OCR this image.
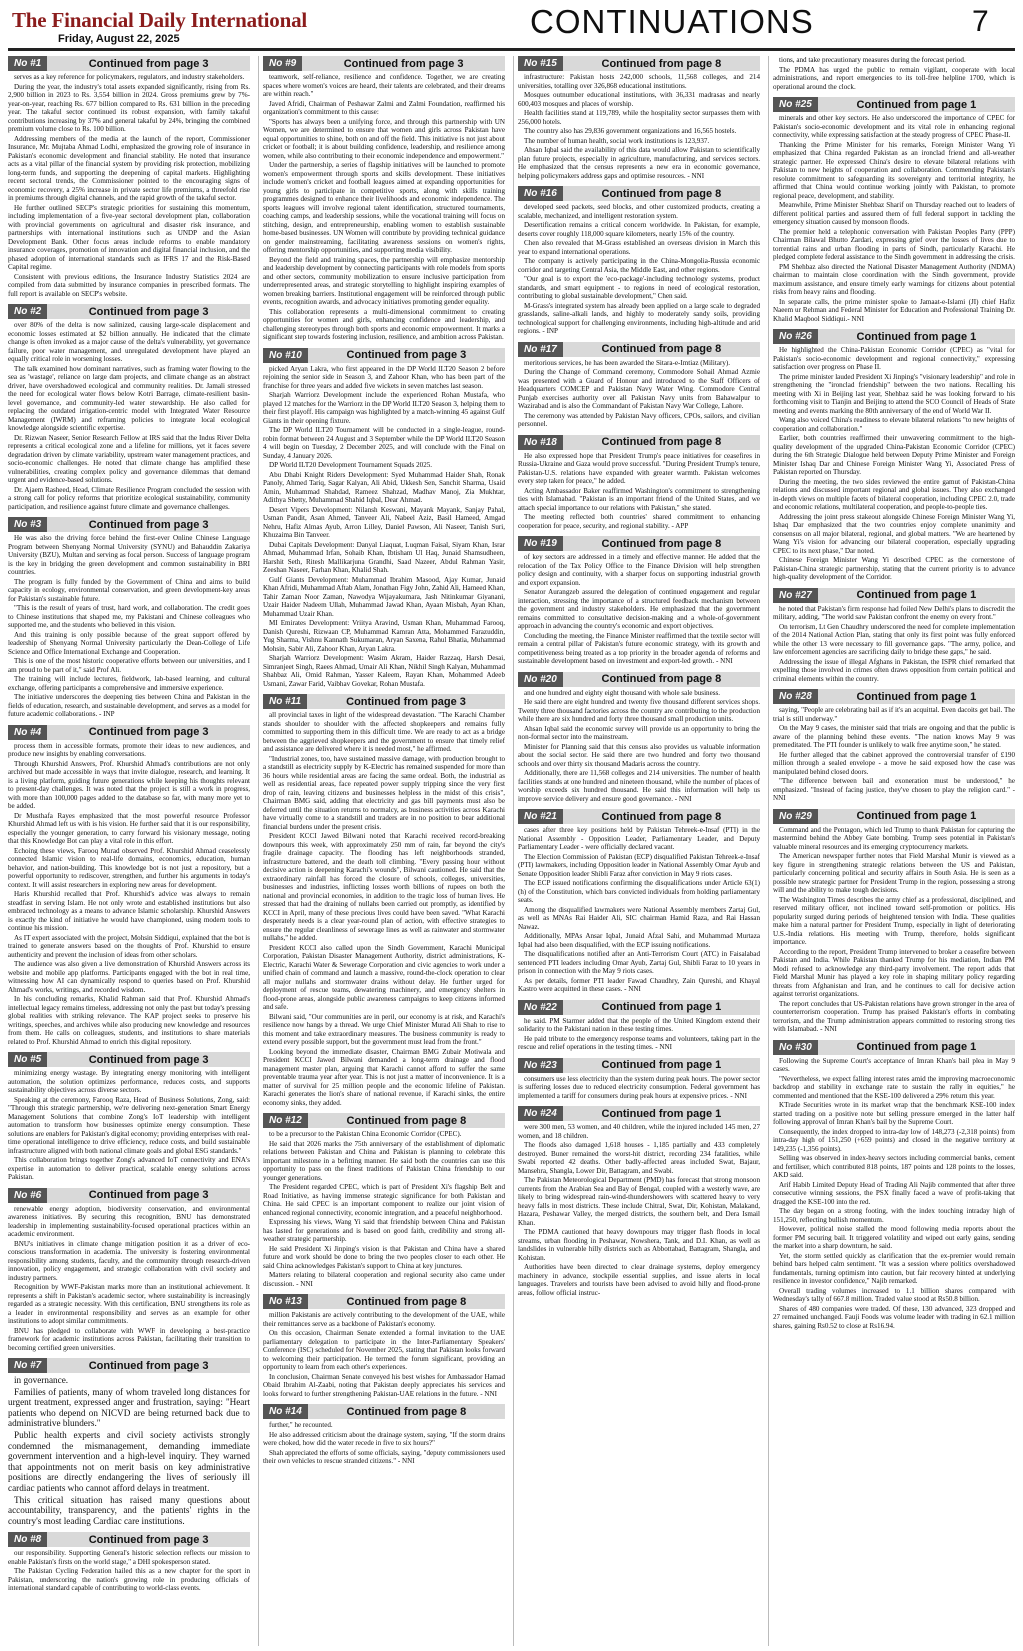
The Financial Daily International
Friday, August 22, 2025	CONTINUATIONS	7
No #1	Continued from page 3

serves as a key reference for policymakers, regulators, and industry stakeholders.

During the year, the industry's total assets expanded significantly, rising from Rs. 2,900 billion in 2023 to Rs. 3,554 billion in 2024. Gross premiums grew by 7%-year-on-year, reaching Rs. 677 billion compared to Rs. 631 billion in the preceding year. The takaful sector continued its robust expansion, with family takaful contributions increasing by 37% and general takaful by 24%, bringing the combined premium volume close to Rs. 100 billion.

Addressing members of the media at the launch of the report, Commissioner Insurance, Mr. Mujtaba Ahmad Lodhi, emphasized the growing role of insurance in Pakistan's economic development and financial stability. He noted that insurance acts as a vital pillar of the financial system by providing risk protection, mobilizing long-term funds, and supporting the deepening of capital markets. Highlighting recent sectoral trends, the Commissioner pointed to the encouraging signs of economic recovery, a 25% increase in private sector life premiums, a threefold rise in premiums through digital channels, and the rapid growth of the takaful sector.

He further outlined SECP's strategic priorities for sustaining this momentum, including implementation of a five-year sectoral development plan, collaboration with provincial governments on agricultural and disaster risk insurance, and partnerships with international institutions such as UNDP and the Asian Development Bank. Other focus areas include reforms to enable mandatory insurance coverages, promotion of innovation and digital financial inclusion, and the phased adoption of international standards such as IFRS 17 and the Risk-Based Capital regime.

Consistent with previous editions, the Insurance Industry Statistics 2024 are compiled from data submitted by insurance companies in prescribed formats. The full report is available on SECP's website.

No #2	Continued from page 3

over 80% of the delta is now salinized, causing large-scale displacement and economic losses estimated at $2 billion annually. He indicated that the climate change is often invoked as a major cause of the delta's vulnerability, yet governance failure, poor water management, and unregulated development have played an equally critical role in worsening losses.

The talk examined how dominant narratives, such as framing water flowing to the sea as 'wastage', reliance on large dam projects, and climate change as an abstract driver, have overshadowed ecological and community realities. Dr. Jamali stressed the need for ecological water flows below Kotri Barrage, climate-resilient basin-level governance, and community-led water stewardship. He also called for replacing the outdated irrigation-centric model with Integrated Water Resource Management (IWRM) and reframing policies to integrate local ecological knowledge alongside scientific expertise.

Dr. Rizwan Naseer, Senior Research Fellow at IRS said that the Indus River Delta represents a critical ecological zone and a lifeline for millions, yet it faces severe degradation driven by climate variability, upstream water management practices, and socio-economic challenges. He noted that climate change has amplified these vulnerabilities, creating complex policy and governance dilemmas that demand urgent and evidence-based solutions.

Dr. Ajaem Rasheed, Head, Climate Resilience Program concluded the session with a strong call for policy reforms that prioritize ecological sustainability, community participation, and resilience against future climate and governance challenges.

No #3	Continued from page 3

He was also the driving force behind the first-ever Online Chinese Language Program between Shenyang Normal University (SYNU) and Bahauddin Zakariya University (BZU), Multan and serving as focal person. Success of language program is the key in bridging the green development and common sustainability in BRI countries.

The program is fully funded by the Government of China and aims to build capacity in ecology, environmental conservation, and green development-key areas for Pakistan's sustainable future.

"This is the result of years of trust, hard work, and collaboration. The credit goes to Chinese institutions that shaped me, my Pakistani and Chinese colleagues who supported me, and the students who believed in this vision.

And this training is only possible because of the great support offered by leadership of Shenyang Normal University particularly the Dean-College of Life Science and Office International Exchange and Cooperation.

This is one of the most historic cooperative efforts between our universities, and I am proud to be part of it," said Prof Ali.

The training will include lectures, fieldwork, lab-based learning, and cultural exchange, offering participants a comprehensive and immersive experience.

The initiative underscores the deepening ties between China and Pakistan in the fields of education, research, and sustainable development, and serves as a model for future academic collaborations. - INP

No #4	Continued from page 3

process them in accessible formats, promote their ideas to new audiences, and produce new insights by enabling conversations.

Through Khurshid Answers, Prof. Khurshid Ahmad's contributions are not only archived but made accessible in ways that invite dialogue, research, and learning. It is a living platform, guiding future generations while keeping his thoughts relevant to present-day challenges. It was noted that the project is still a work in progress, with more than 100,000 pages added to the database so far, with many more yet to be added.

Dr Musthafa Rayes emphasized that the most powerful resource Professor Khurshid Ahmad left us with is his vision. He further said that it is our responsibility, especially the younger generation, to carry forward his visionary message, noting that this Knowledge Bot can play a vital role in this effort.

Echoing these views, Farooq Murad observed Prof. Khurshid Ahmad ceaselessly connected Islamic vision to real-life domains, economics, education, human behavior, and nation-building. This knowledge bot is not just a repository, but a powerful opportunity to rediscover, strengthen, and further his arguments in today's context. It will assist researchers in exploring new areas for development.

Haris Khurshid recalled that Prof. Khurshid's advice was always to remain steadfast in serving Islam. He not only wrote and established institutions but also embraced technology as a means to advance Islamic scholarship. Khurshid Answers is exactly the kind of initiative he would have championed, using modern tools to continue his mission.

As IT expert associated with the project, Mohsin Siddiqui, explained that the bot is trained to generate answers based on the thoughts of Prof. Khurshid to ensure authenticity and prevent the inclusion of ideas from other scholars.

The audience was also given a live demonstration of Khurshid Answers across its website and mobile app platforms. Participants engaged with the bot in real time, witnessing how AI can dynamically respond to queries based on Prof. Khurshid Ahmad's works, writings, and recorded wisdom.

In his concluding remarks, Khalid Rahman said that Prof. Khurshid Ahmad's intellectual legacy remains timeless, addressing not only the past but today's pressing global realities with striking relevance. The KAP project seeks to preserve his writings, speeches, and archives while also producing new knowledge and resources from them. He calls on colleagues, students, and institutions to share materials related to Prof. Khurshid Ahmad to enrich this digital repository.

No #5	Continued from page 3

minimizing energy wastage. By integrating energy monitoring with intelligent automation, the solution optimizes performance, reduces costs, and supports sustainability objectives across diverse sectors.

Speaking at the ceremony, Farooq Raza, Head of Business Solutions, Zong, said: "Through this strategic partnership, we're delivering next-generation Smart Energy Management Solutions that combine Zong's IoT leadership with intelligent automation to transform how businesses optimize energy consumption. These solutions are enablers for Pakistan's digital economy; providing enterprises with real-time operational intelligence to drive efficiency, reduce costs, and build sustainable infrastructure aligned with both national climate goals and global ESG standards."

This collaboration brings together Zong's advanced IoT connectivity and ENA's expertise in automation to deliver practical, scalable energy solutions across Pakistan.

No #6	Continued from page 3

renewable energy adoption, biodiversity conservation, and environmental awareness initiatives. By securing this recognition, BNU has demonstrated leadership in implementing sustainability-focused operational practices within an academic environment.

BNU's initiatives in climate change mitigation position it as a driver of eco-conscious transformation in academia. The university is fostering environmental responsibility among students, faculty, and the community through research-driven innovation, policy engagement, and strategic collaboration with civil society and industry partners.

Recognition by WWF-Pakistan marks more than an institutional achievement. It represents a shift in Pakistan's academic sector, where sustainability is increasingly regarded as a strategic necessity. With this certification, BNU strengthens its role as a leader in environmental responsibility and serves as an example for other institutions to adopt similar commitments.

BNU has pledged to collaborate with WWF in developing a best-practice framework for academic institutions across Pakistan, facilitating their transition to becoming certified green universities.

No #7	Continued from page 3

in governance.

Families of patients, many of whom traveled long distances for urgent treatment, expressed anger and frustration, saying: "Heart patients who depend on NICVD are being returned back due to administrative blunders."

Public health experts and civil society activists strongly condemned the mismanagement, demanding immediate government intervention and a high-level inquiry. They warned that appointments not on merit basis on key administrative positions are directly endangering the lives of seriously ill cardiac patients who cannot afford delays in treatment.

This critical situation has raised many questions about accountability, transparency, and the patients' rights in the country's most leading Cardiac care institutions.

No #8	Continued from page 3

our responsibility. Supporting General's historic selection reflects our mission to enable Pakistan's firsts on the world stage," a DHI spokesperson stated.

The Pakistan Cycling Federation hailed this as a new chapter for the sport in Pakistan, underscoring the nation's growing role in producing officials of international standard capable of contributing to world-class events.

No #9	Continued from page 3

teamwork, self-reliance, resilience and confidence. Together, we are creating spaces where women's voices are heard, their talents are celebrated, and their dreams are within reach."

Javed Afridi, Chairman of Peshawar Zalmi and Zalmi Foundation, reaffirmed his organization's commitment to this cause:

"Sports has always been a unifying force, and through this partnership with UN Women, we are determined to ensure that women and girls across Pakistan have equal opportunities to shine, both on and off the field. This initiative is not just about cricket or football; it is about building confidence, leadership, and resilience among women, while also contributing to their economic independence and empowerment."

Under the partnership, a series of flagship initiatives will be launched to promote women's empowerment through sports and skills development. These initiatives include women's cricket and football leagues aimed at expanding opportunities for young girls to participate in competitive sports, along with skills training programmes designed to enhance their livelihoods and economic independence. The sports leagues will involve regional talent identification, structured tournaments, coaching camps, and leadership sessions, while the vocational training will focus on stitching, design, and entrepreneurship, enabling women to establish sustainable home-based businesses. UN Women will contribute by providing technical guidance on gender mainstreaming, facilitating awareness sessions on women's rights, offering mentorship opportunities, and supporting media visibility.

Beyond the field and training spaces, the partnership will emphasize mentorship and leadership development by connecting participants with role models from sports and other sectors, community mobilization to ensure inclusive participation from underrepresented areas, and strategic storytelling to highlight inspiring examples of women breaking barriers. Institutional engagement will be reinforced through public events, recognition awards, and advocacy initiatives promoting gender equality.

This collaboration represents a multi-dimensional commitment to creating opportunities for women and girls, enhancing confidence and leadership, and challenging stereotypes through both sports and economic empowerment. It marks a significant step towards fostering inclusion, resilience, and ambition across Pakistan.

No #10	Continued from page 3

picked Aryan Lakra, who first appeared in the DP World ILT20 Season 2 before rejoining the senior side in Season 3, and Zahoor Khan, who has been part of the franchise for three years and added five wickets in seven matches last season.

Sharjah Warriorz Development include the experienced Rohan Mustafa, who played 12 matches for the Warriorz in the DP World ILT20 Season 3, helping them to their first playoff. His campaign was highlighted by a match-winning 45 against Gulf Giants in their opening fixture.

The DP World ILT20 Tournament will be conducted in a single-league, round-robin format between 24 August and 3 September while the DP World ILT20 Season 4 will begin on Tuesday, 2 December 2025, and will conclude with the Final on Sunday, 4 January 2026.

DP World ILT20 Development Tournament Squads 2025.

Abu Dhabi Knight Riders Development: Syed Muhammad Haider Shah, Ronak Panoly, Ahmed Tariq, Sagar Kalyan, Ali Abid, Ukkesh Sen, Sanchit Sharma, Usaid Amin, Muhammad Shahdad, Rameez Shahzad, Madhav Manoj, Zia Mukhtar, Adithya Shetty, Muhammad Shahid Iqbal, Dear Ahmad.

Desert Vipers Development: Nilansh Keswani, Mayank Mayank, Sanjay Pahal, Usman Pandit, Asan Ahmed, Tanveer Ali, Nabeel Aziz, Basil Hameed, Amgad Nehru, Hafiz Almas Ayub, Arron Lilley, Daniel Pawson, Ali Naseer, Tanish Suri, Khuzaima Bin Tanveer.

Dubai Capitals Development: Danyal Liaquat, Luqman Faisal, Siyam Khan, Israr Ahmad, Muhammad Irfan, Sohaib Khan, Ibtisham Ul Haq, Junaid Shamsudheen, Harshit Seth, Ritesh Mallikarjuna Grandhi, Saad Nazeer, Abdul Rahman Yasir, Zeeshan Naseer, Farhan Khan, Khalid Shah.

Gulf Giants Development: Muhammad Ibrahim Masood, Ajay Kumar, Junaid Khan Afridi, Muhammad Aftab Alam, Jonathan Figy John, Zahid Ali, Hameed Khan, Tahir Zaman Noor Zaman, Nawodya Wijayakumara, Jash Nitinkumar Giyanani, Uzair Haider Nadeem Ullah, Muhammad Jawad Khan, Ayaan Misbah, Ayan Khan, Muhammad Uzair Khan.

MI Emirates Development: Vriitya Aravind, Usman Khan, Muhammad Farooq, Danish Qureshi, Rizwaan CP, Muhammad Kamran Atta, Mohammed Farazuddin, Yug Sharma, Vishnu Kannath Sukumaran, Aryan Saxena, Rahul Bhatia, Muhammad Mohsin, Sabir Ali, Zahoor Khan, Aryan Lakra.

Sharjah Warriorz Development: Wasim Akram, Haider Razzaq, Harsh Desai, Simranjeet Singh, Raees Ahmad, Umair Ali Khan, Nikhil Singh Kalyan, Muhammad Shahbaz Ali, Omid Rahman, Yasser Kaleem, Rayan Khan, Mohammed Adeeb Usmani, Zawar Farid, Vaibhav Govekar, Rohan Mustafa.

No #11	Continued from page 3

all provincial taxes in light of the widespread devastation. "The Karachi Chamber stands shoulder to shoulder with the affected shopkeepers and remains fully committed to supporting them in this difficult time. We are ready to act as a bridge between the aggrieved shopkeepers and the government to ensure that timely relief and assistance are delivered where it is needed most," he affirmed.

"Industrial zones, too, have sustained massive damage, with production brought to a standstill as electricity supply by K-Electric has remained suspended for more than 36 hours while residential areas are facing the same ordeal. Both, the industrial as well as residential areas, face repeated power supply tripping since the very first drop of rain, leaving citizens and businesses helpless in the midst of this crisis", Chairman BMG said, adding that electricity and gas bill payments must also be deferred until the situation returns to normalcy, as business activities across Karachi have virtually come to a standstill and traders are in no position to bear additional financial burdens under the present crisis.

President KCCI Jawed Bilwani noted that Karachi received record-breaking downpours this week, with approximately 250 mm of rain, far beyond the city's fragile drainage capacity. The flooding has left neighborhoods stranded, infrastructure battered, and the death toll climbing. "Every passing hour without decisive action is deepening Karachi's wounds", Bilwani cautioned. He said that the extraordinary rainfall has forced the closure of schools, colleges, universities, businesses and industries, inflicting losses worth billions of rupees on both the national and provincial economies, in addition to the tragic loss of human lives. He stressed that had the draining of nullahs been carried out promptly, as identified by KCCI in April, many of these precious lives could have been saved. "What Karachi desperately needs is a clear year-round plan of action, with effective strategies to ensure the regular cleanliness of sewerage lines as well as rainwater and stormwater nullahs," he added.

President KCCI also called upon the Sindh Government, Karachi Municipal Corporation, Pakistan Disaster Management Authority, district administrations, K-Electric, Karachi Water & Sewerage Corporation and civic agencies to work under a unified chain of command and launch a massive, round-the-clock operation to clear all major nullahs and stormwater drains without delay. He further urged for deployment of rescue teams, dewatering machinery, and emergency shelters in flood-prone areas, alongside public awareness campaigns to keep citizens informed and safe.

Bilwani said, "Our communities are in peril, our economy is at risk, and Karachi's resilience now hangs by a thread. We urge Chief Minister Murad Ali Shah to rise to this moment and take extraordinary measures. The business community is ready to extend every possible support, but the government must lead from the front."

Looking beyond the immediate disaster, Chairman BMG Zubair Motiwala and President KCCI Jawed Bilwani demanded a long-term drainage and flood management master plan, arguing that Karachi cannot afford to suffer the same preventable trauma year after year. This is not just a matter of inconvenience. It is a matter of survival for 25 million people and the economic lifeline of Pakistan. Karachi generates the lion's share of national revenue, if Karachi sinks, the entire economy sinks, they added.

No #12	Continued from page 8

to be a precursor to the Pakistan China Economic Corridor (CPEC).

He said that 2026 marks the 75th anniversary of the establishment of diplomatic relations between Pakistan and China and Pakistan is planning to celebrate this important milestone in a befitting manner. He said both the countries can use this opportunity to pass on the finest traditions of Pakistan China friendship to our younger generations.

The President regarded CPEC, which is part of President Xi's flagship Belt and Road Initiative, as having immense strategic significance for both Pakistan and China. He said CPEC is an important component to realize our joint vision of enhanced regional connectivity, economic integration, and a peaceful neighborhood.

Expressing his views, Wang Yi said that friendship between China and Pakistan has lasted for generations and is based on good faith, credibility and strong all-weather strategic partnership.

He said President Xi Jinping's vision is that Pakistan and China have a shared future and work should be done to bring the two peoples closer to each other. He said China acknowledges Pakistan's support to China at key junctures.

Matters relating to bilateral cooperation and regional security also came under discussion. - NNI

No #13	Continued from page 8

million Pakistanis are actively contributing to the development of the UAE, while their remittances serve as a backbone of Pakistan's economy.

On this occasion, Chairman Senate extended a formal invitation to the UAE parliamentary delegation to participate in the Inter-Parliamentary Speakers' Conference (ISC) scheduled for November 2025, stating that Pakistan looks forward to welcoming their participation. He termed the forum significant, providing an opportunity to learn from each other's experiences.

In conclusion, Chairman Senate conveyed his best wishes for Ambassador Hamad Obaid Ibrahim Al-Zaabi, noting that Pakistan deeply appreciates his services and looks forward to further strengthening Pakistan-UAE relations in the future. - NNI

No #14	Continued from page 8

further," he recounted.

He also addressed criticism about the drainage system, saying, "If the storm drains were choked, how did the water recede in five to six hours?"

Shah appreciated the efforts of some officials, saying, "deputy commissioners used their own vehicles to rescue stranded citizens." - NNI

No #15	Continued from page 8

infrastructure: Pakistan hosts 242,000 schools, 11,568 colleges, and 214 universities, totalling over 326,868 educational institutions.

Mosques outnumber educational institutions, with 36,331 madrasas and nearly 600,403 mosques and places of worship.

Health facilities stand at 119,789, while the hospitality sector surpasses them with 256,000 hotels.

The country also has 29,836 government organizations and 16,565 hostels.

The number of human health, social work institutions is 123,937.

Ahsan Iqbal said the availability of this data would allow Pakistan to scientifically plan future projects, especially in agriculture, manufacturing, and services sectors. He emphasized that the census represents a new era in economic governance, helping policymakers address gaps and optimise resources. - NNI

No #16	Continued from page 8

developed seed packets, seed blocks, and other customized products, creating a scalable, mechanized, and intelligent restoration system.

Desertification remains a critical concern worldwide. In Pakistan, for example, deserts cover roughly 118,000 square kilometers, nearly 15% of the country.

Chen also revealed that M-Grass established an overseas division in March this year to expand international operations.

The company is actively participating in the China-Mongolia-Russia economic corridor and targeting Central Asia, the Middle East, and other regions.

"Our goal is to export the 'eco-package'-including technology systems, product standards, and smart equipment - to regions in need of ecological restoration, contributing to global sustainable development," Chen said.

M-Grass's integrated system has already been applied on a large scale to degraded grasslands, saline-alkali lands, and highly to moderately sandy soils, providing technological support for challenging environments, including high-altitude and arid regions. - INP

No #17	Continued from page 8

meritorious services, he has been awarded the Sitara-e-Imtiaz (Military).

During the Change of Command ceremony, Commodore Sohail Ahmad Azmie was presented with a Guard of Honour and introduced to the Staff Officers of Headquarters COMCEP and Pakistan Navy Water Wing. Commodore Central Punjab exercises authority over all Pakistan Navy units from Bahawalpur to Wazirabad and is also the Commandant of Pakistan Navy War College, Lahore.

The ceremony was attended by Pakistan Navy officers, CPOs, sailors, and civilian personnel.

No #18	Continued from page 8

He also expressed hope that President Trump's peace initiatives for ceasefires in Russia-Ukraine and Gaza would prove successful. "During President Trump's tenure, Pakistan-U.S. relations have expanded with greater warmth. Pakistan welcomes every step taken for peace," he added.

Acting Ambassador Baker reaffirmed Washington's commitment to strengthening ties with Islamabad. "Pakistan is an important friend of the United States, and we attach special importance to our relations with Pakistan," she stated.

The meeting reflected both countries' shared commitment to enhancing cooperation for peace, security, and regional stability. - APP

No #19	Continued from page 8

of key sectors are addressed in a timely and effective manner. He added that the relocation of the Tax Policy Office to the Finance Division will help strengthen policy design and continuity, with a sharper focus on supporting industrial growth and export expansion.

Senator Aurangzeb assured the delegation of continued engagement and regular interaction, stressing the importance of a structured feedback mechanism between the government and industry stakeholders. He emphasized that the government remains committed to consultative decision-making and a whole-of-government approach in advancing the country's economic and export objectives.

Concluding the meeting, the Finance Minister reaffirmed that the textile sector will remain a central pillar of Pakistan's future economic strategy, with its growth and competitiveness being treated as a top priority in the broader agenda of reforms and sustainable development based on investment and export-led growth. - NNI

No #20	Continued from page 8

and one hundred and eighty eight thousand with whole sale business.

He said there are eight hundred and twenty five thousand different services shops. Twenty three thousand factories across the country are contributing to the production while there are six hundred and forty three thousand small production units.

Ahsan Iqbal said the economic survey will provide us an opportunity to bring the non-formal sector into the mainstream.

Minister for Planning said that this census also provides us valuable information about the social sector. He said there are two hundred and forty two thousand schools and over thirty six thousand Madaris across the country.

Additionally, there are 11,568 colleges and 214 universities. The number of health facilities stands at one hundred and nineteen thousand, while the number of places of worship exceeds six hundred thousand. He said this information will help us improve service delivery and ensure good governance. - NNI

No #21	Continued from page 8

cases after three key positions held by Pakistan Tehreek-e-Insaf (PTI) in the National Assembly - Opposition Leader, Parliamentary Leader, and Deputy Parliamentary Leader - were officially declared vacant.

The Election Commission of Pakistan (ECP) disqualified Pakistan Tehreek-e-Insaf (PTI) lawmakers, including Opposition leader in National Assembly Omar Ayub and Senate Opposition leader Shibli Faraz after conviction in May 9 riots cases.

The ECP issued notifications confirming the disqualifications under Article 63(1)(h) of the Constitution, which bars convicted individuals from holding parliamentary seats.

Among the disqualified lawmakers were National Assembly members Zartaj Gul, as well as MNAs Rai Haider Ali, SIC chairman Hamid Raza, and Rai Hassan Nawaz.

Additionally, MPAs Ansar Iqbal, Junaid Afzal Sahi, and Muhammad Murtaza Iqbal had also been disqualified, with the ECP issuing notifications.

The disqualifications notified after an Anti-Terrorism Court (ATC) in Faisalabad sentenced PTI leaders including Omar Ayub, Zartaj Gul, Shibli Faraz to 10 years in prison in connection with the May 9 riots cases.

As per details, former PTI leader Fawad Chaudhry, Zain Qureshi, and Khayal Kastro were acquitted in these cases. - NNI

No #22	Continued from page 1

he said. PM Starmer added that the people of the United Kingdom extend their solidarity to the Pakistani nation in these testing times.

He paid tribute to the emergency response teams and volunteers, taking part in the rescue and relief operations in the testing times. - NNI

No #23	Continued from page 1

consumers use less electricity than the system during peak hours. The power sector is suffering losses due to reduced electricity consumption. Federal government has implemented a tariff for consumers during peak hours at expensive prices. - NNI

No #24	Continued from page 1

were 300 men, 53 women, and 40 children, while the injured included 145 men, 27 women, and 18 children.

The floods also damaged 1,618 houses - 1,185 partially and 433 completely destroyed. Buner remained the worst-hit district, recording 234 fatalities, while Swabi reported 42 deaths. Other badly-affected areas included Swat, Bajaur, Mansehra, Shangla, Lower Dir, Battagram, and Swabi.

The Pakistan Meteorological Department (PMD) has forecast that strong monsoon currents from the Arabian Sea and Bay of Bengal, coupled with a westerly wave, are likely to bring widespread rain-wind-thundershowers with scattered heavy to very heavy falls in most districts. These include Chitral, Swat, Dir, Kohistan, Malakand, Hazara, Peshawar Valley, the merged districts, the southern belt, and Dera Ismail Khan.

The PDMA cautioned that heavy downpours may trigger flash floods in local streams, urban flooding in Peshawar, Nowshera, Tank, and D.I. Khan, as well as landslides in vulnerable hilly districts such as Abbottabad, Battagram, Shangla, and Kohistan.

Authorities have been directed to clear drainage systems, deploy emergency machinery in advance, stockpile essential supplies, and issue alerts in local languages. Travelers and tourists have been advised to avoid hilly and flood-prone areas, follow official instruc-

tions, and take precautionary measures during the forecast period.

The PDMA has urged the public to remain vigilant, cooperate with local administrations, and report emergencies to its toll-free helpline 1700, which is operational around the clock.

No #25	Continued from page 1

minerals and other key sectors. He also underscored the importance of CPEC for Pakistan's socio-economic development and its vital role in enhancing regional connectivity, while expressing satisfaction at the steady progress of CPEC Phase-II.

Thanking the Prime Minister for his remarks, Foreign Minister Wang Yi emphasized that China regarded Pakistan as an ironclad friend and all-weather strategic partner. He expressed China's desire to elevate bilateral relations with Pakistan to new heights of cooperation and collaboration. Commending Pakistan's resolute commitment to safeguarding its sovereignty and territorial integrity, he affirmed that China would continue working jointly with Pakistan, to promote regional peace, development, and stability.

Meanwhile, Prime Minister Shehbaz Sharif on Thursday reached out to leaders of different political parties and assured them of full federal support in tackling the emergency situation caused by monsoon floods.

The premier held a telephonic conversation with Pakistan Peoples Party (PPP) Chairman Bilawal Bhutto Zardari, expressing grief over the losses of lives due to torrential rains and urban flooding in parts of Sindh, particularly Karachi. He pledged complete federal assistance to the Sindh government in addressing the crisis.

PM Shehbaz also directed the National Disaster Management Authority (NDMA) chairman to maintain close coordination with the Sindh government, provide maximum assistance, and ensure timely early warnings for citizens about potential risks from heavy rains and flooding.

In separate calls, the prime minister spoke to Jamaat-e-Islami (JI) chief Hafiz Naeem ur Rehman and Federal Minister for Education and Professional Training Dr. Khalid Maqbool Siddiqui.- NNI

No #26	Continued from page 1

He highlighted the China-Pakistan Economic Corridor (CPEC) as "vital for Pakistan's socio-economic development and regional connectivity," expressing satisfaction over progress on Phase II.

The prime minister lauded President Xi Jinping's "visionary leadership" and role in strengthening the "ironclad friendship" between the two nations. Recalling his meeting with Xi in Beijing last year, Shehbaz said he was looking forward to his forthcoming visit to Tianjin and Beijing to attend the SCO Council of Heads of State meeting and events marking the 80th anniversary of the end of World War II.

Wang also voiced China's readiness to elevate bilateral relations "to new heights of cooperation and collaboration."

Earlier, both countries reaffirmed their unwavering commitment to the high-quality development of the upgraded China-Pakistan Economic Corridor (CPEC) during the 6th Strategic Dialogue held between Deputy Prime Minister and Foreign Minister Ishaq Dar and Chinese Foreign Minister Wang Yi, Associated Press of Pakistan reported on Thursday.

During the meeting, the two sides reviewed the entire gamut of Pakistan-China relations and discussed important regional and global issues. They also exchanged in-depth views on multiple facets of bilateral cooperation, including CPEC 2.0, trade and economic relations, multilateral cooperation, and people-to-people ties.

Addressing the joint press stakeout alongside Chinese Foreign Minister Wang Yi, Ishaq Dar emphasized that the two countries enjoy complete unanimity and consensus on all major bilateral, regional, and global matters. "We are heartened by Wang Yi's vision for advancing our bilateral cooperation, especially upgrading CPEC to its next phase," Dar noted.

Chinese Foreign Minister Wang Yi described CPEC as the cornerstone of Pakistan-China strategic partnership, stating that the current priority is to advance high-quality development of the Corridor.

No #27	Continued from page 1

he noted that Pakistan's firm response had foiled New Delhi's plans to discredit the military, adding, "The world saw Pakistan confront the enemy on every front."

On terrorism, Lt Gen Chaudhry underscored the need for complete implementation of the 2014 National Action Plan, stating that only its first point was fully enforced while the other 13 were necessary to fill governance gaps. "The army, police, and law enforcement agencies are sacrificing daily to bridge these gaps," he said.

Addressing the issue of illegal Afghans in Pakistan, the ISPR chief remarked that expelling those involved in crimes often draws opposition from certain political and criminal elements within the country.

No #28	Continued from page 1

saying, "People are celebrating bail as if it's an acquittal. Even dacoits get bail. The trial is still underway."

On the May 9 cases, the minister said that trials are ongoing and that the public is aware of the planning behind these events. "The nation knows May 9 was premeditated. The PTI founder is unlikely to walk free anytime soon," he stated.

He further alleged that the cabinet approved the controversial transfer of £190 million through a sealed envelope - a move he said exposed how the case was manipulated behind closed doors.

"The difference between bail and exoneration must be understood," he emphasized. "Instead of facing justice, they've chosen to play the religion card." - NNI

No #29	Continued from page 1

Command and the Pentagon, which led Trump to thank Pakistan for capturing the mastermind behind the Abbey Gate bombing. Trump sees potential in Pakistan's valuable mineral resources and its emerging cryptocurrency markets.

The American newspaper further notes that Field Marshal Munir is viewed as a key figure in strengthening strategic relations between the US and Pakistan, particularly concerning political and security affairs in South Asia. He is seen as a possible new strategic partner for President Trump in the region, possessing a strong will and the ability to make tough decisions.

The Washington Times describes the army chief as a professional, disciplined, and reserved military officer, not inclined toward self-promotion or politics. His popularity surged during periods of heightened tension with India. These qualities make him a natural partner for President Trump, especially in light of deteriorating U.S.-India relations. His meeting with Trump, therefore, holds significant importance.

According to the report, President Trump intervened to broker a ceasefire between Pakistan and India. While Pakistan thanked Trump for his mediation, Indian PM Modi refused to acknowledge any third-party involvement. The report adds that Field Marshal Munir has played a key role in shaping military policy regarding threats from Afghanistan and Iran, and he continues to call for decisive action against terrorist organizations.

The report concludes that US-Pakistan relations have grown stronger in the area of counterterrorism cooperation. Trump has praised Pakistan's efforts in combating terrorism, and the Trump administration appears committed to restoring strong ties with Islamabad. - NNI

No #30	Continued from page 1

Following the Supreme Court's acceptance of Imran Khan's bail plea in May 9 cases.

"Nevertheless, we expect falling interest rates amid the improving macroeconomic backdrop and stability in exchange rate to sustain the rally in equities," he commented and mentioned that the KSE-100 delivered a 29% return this year.

KTrade Securities wrote in its market wrap that the benchmark KSE-100 index started trading on a positive note but selling pressure emerged in the latter half following approval of Imran Khan's bail by the Supreme Court.

Consequently, the index dropped to intra-day low of 148,273 (-2,318 points) from intra-day high of 151,250 (+659 points) and closed in the negative territory at 149,235 (-1,356 points).

Selling was observed in index-heavy sectors including commercial banks, cement and fertiliser, which contributed 818 points, 187 points and 128 points to the losses, AKD said.

Arif Habib Limited Deputy Head of Trading Ali Najib commented that after three consecutive winning sessions, the PSX finally faced a wave of profit-taking that dragged the KSE-100 into the red.

The day began on a strong footing, with the index touching intraday high of 151,250, reflecting bullish momentum.

However, political noise stalled the mood following media reports about the former PM securing bail. It triggered volatility and wiped out early gains, sending the market into a sharp downturn, he said.

Yet, the storm settled quickly as clarification that the ex-premier would remain behind bars helped calm sentiment. "It was a session where politics overshadowed fundamentals, turning optimism into caution, but fair recovery hinted at underlying resilience in investor confidence," Najib remarked.

Overall trading volumes increased to 1.1 billion shares compared with Wednesday's tally of 667.8 million. Traded value stood at Rs50.8 billion.

Shares of 480 companies were traded. Of these, 130 advanced, 323 dropped and 27 remained unchanged. Fauji Foods was volume leader with trading in 62.1 million shares, gaining Rs0.52 to close at Rs16.94.
